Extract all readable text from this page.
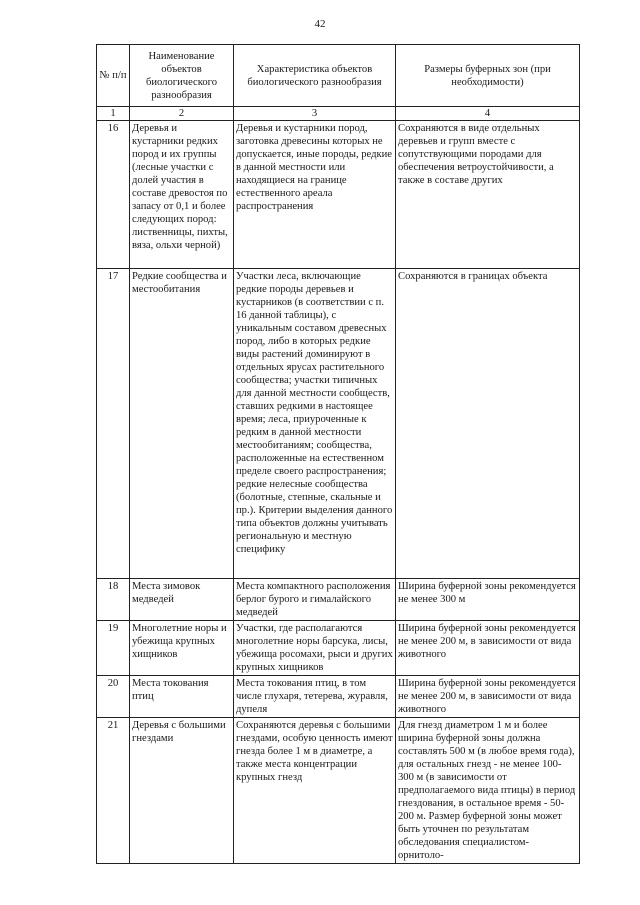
42
№ п/п	Наименование объектов биологического разнообразия	Характеристика объектов биологического разнообразия	Размеры буферных зон (при необходимости)
1	2	3	4
16	Деревья и кустарники редких пород и их группы (лесные участки с долей участия в составе древостоя по запасу от 0,1 и более следующих пород: лиственницы, пихты, вяза, ольхи черной)	Деревья и кустарники пород, заготовка древесины которых не допускается, иные породы, редкие в данной местности или находящиеся на границе естественного ареала распространения	Сохраняются в виде отдельных деревьев и групп вместе с сопутствующими породами для обеспечения ветроустойчивости, а также в составе других
17	Редкие сообщества и местообитания	Участки леса, включающие редкие породы деревьев и кустарников (в соответствии с п. 16 данной таблицы), с уникальным составом древесных пород, либо в которых редкие виды растений доминируют в отдельных ярусах растительного сообщества; участки типичных для данной местности сообществ, ставших редкими в настоящее время; леса, приуроченные к редким в данной местности местообитаниям; сообщества, расположенные на естественном пределе своего распространения; редкие нелесные сообщества (болотные, степные, скальные и пр.). Критерии выделения данного типа объектов должны учитывать региональную и местную специфику	Сохраняются в границах объекта
18	Места зимовок медведей	Места компактного расположения берлог бурого и гималайского медведей	Ширина буферной зоны рекомендуется не менее 300 м
19	Многолетние норы и убежища крупных хищников	Участки, где располагаются многолетние норы барсука, лисы, убежища росомахи, рыси и других крупных хищников	Ширина буферной зоны рекомендуется не менее 200 м, в зависимости от вида животного
20	Места токования птиц	Места токования птиц, в том числе глухаря, тетерева, журавля, дупеля	Ширина буферной зоны рекомендуется не менее 200 м, в зависимости от вида животного
21	Деревья с большими гнездами	Сохраняются деревья с большими гнездами, особую ценность имеют гнезда более 1 м в диаметре, а также места концентрации крупных гнезд	Для гнезд диаметром 1 м и более ширина буферной зоны должна составлять 500 м (в любое время года), для остальных гнезд - не менее 100-300 м (в зависимости от предполагаемого вида птицы) в период гнездования, в остальное время - 50-200 м. Размер буферной зоны может быть уточнен по результатам обследования специалистом- орнитоло-
